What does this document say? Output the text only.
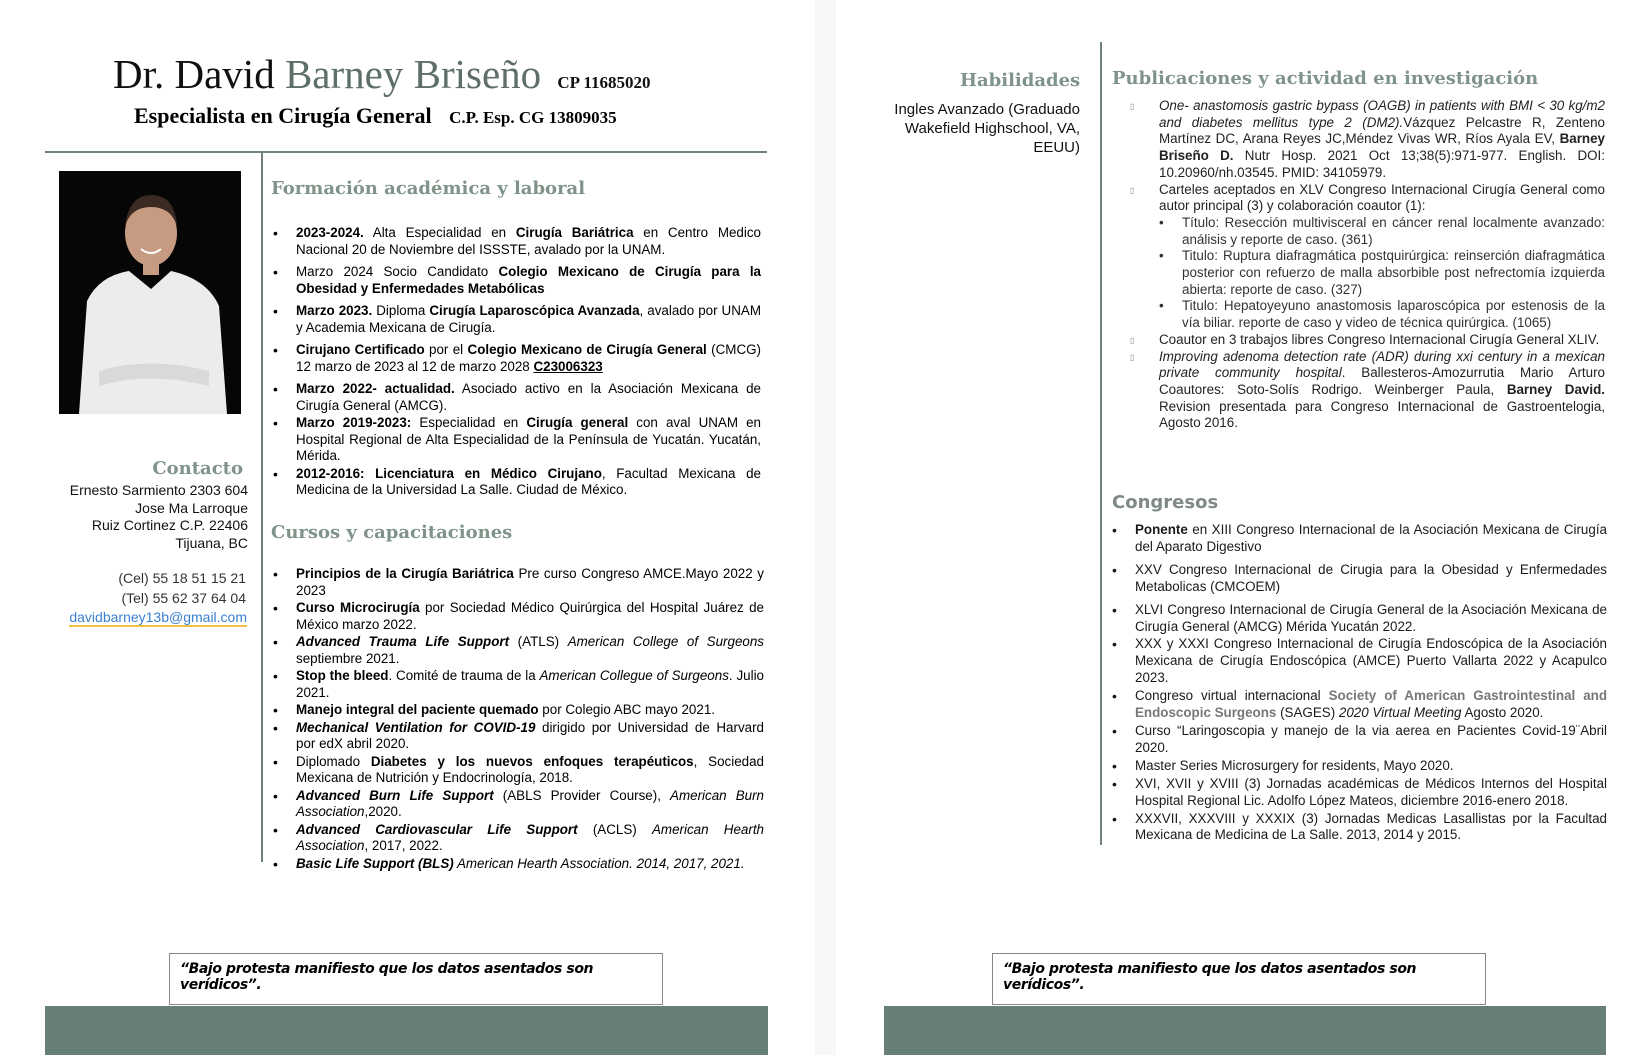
Dr. David Barney Briseño CP 11685020
Especialista en Cirugía General C.P. Esp. CG 13809035
Contacto
Ernesto Sarmiento 2303 604
Jose Ma Larroque
Ruiz Cortinez C.P. 22406
Tijuana, BC
(Cel) 55 18 51 15 21
(Tel) 55 62 37 64 04
davidbarney13b@gmail.com
Formación académica y laboral
• 2023-2024. Alta Especialidad en Cirugía Bariátrica en Centro Medico Nacional 20 de Noviembre del ISSSTE, avalado por la UNAM.
• Marzo 2024 Socio Candidato Colegio Mexicano de Cirugía para la Obesidad y Enfermedades Metabólicas
• Marzo 2023. Diploma Cirugía Laparoscópica Avanzada, avalado por UNAM y Academia Mexicana de Cirugía.
• Cirujano Certificado por el Colegio Mexicano de Cirugía General (CMCG) 12 marzo de 2023 al 12 de marzo 2028 C23006323
• Marzo 2022- actualidad. Asociado activo en la Asociación Mexicana de Cirugía General (AMCG).
• Marzo 2019-2023: Especialidad en Cirugía general con aval UNAM en Hospital Regional de Alta Especialidad de la Península de Yucatán. Yucatán, Mérida.
• 2012-2016: Licenciatura en Médico Cirujano, Facultad Mexicana de Medicina de la Universidad La Salle. Ciudad de México.
Cursos y capacitaciones
• Principios de la Cirugía Bariátrica Pre curso Congreso AMCE.Mayo 2022 y 2023
• Curso Microcirugía por Sociedad Médico Quirúrgica del Hospital Juárez de México marzo 2022.
• Advanced Trauma Life Support (ATLS) American College of Surgeons septiembre 2021.
• Stop the bleed. Comité de trauma de la American Collegue of Surgeons. Julio 2021.
• Manejo integral del paciente quemado por Colegio ABC mayo 2021.
• Mechanical Ventilation for COVID-19 dirigido por Universidad de Harvard por edX abril 2020.
• Diplomado Diabetes y los nuevos enfoques terapéuticos, Sociedad Mexicana de Nutrición y Endocrinología, 2018.
• Advanced Burn Life Support (ABLS Provider Course), American Burn Association,2020.
• Advanced Cardiovascular Life Support (ACLS) American Hearth Association, 2017, 2022.
• Basic Life Support (BLS) American Hearth Association. 2014, 2017, 2021.
“Bajo protesta manifiesto que los datos asentados son verídicos”.
Habilidades
Ingles Avanzado (Graduado Wakefield Highschool, VA, EEUU)
Publicaciones y actividad en investigación
▯ One- anastomosis gastric bypass (OAGB) in patients with BMI < 30 kg/m2 and diabetes mellitus type 2 (DM2).Vázquez Pelcastre R, Zenteno Martínez DC, Arana Reyes JC,Méndez Vivas WR, Ríos Ayala EV, Barney Briseño D. Nutr Hosp. 2021 Oct 13;38(5):971-977. English. DOI: 10.20960/nh.03545. PMID: 34105979.
▯ Carteles aceptados en XLV Congreso Internacional Cirugía General como autor principal (3) y colaboración coautor (1):
• Título: Resección multivisceral en cáncer renal localmente avanzado: análisis y reporte de caso. (361)
• Titulo: Ruptura diafragmática postquirúrgica: reinserción diafragmática posterior con refuerzo de malla absorbible post nefrectomía izquierda abierta: reporte de caso. (327)
• Titulo: Hepatoyeyuno anastomosis laparoscópica por estenosis de la vía biliar. reporte de caso y video de técnica quirúrgica. (1065)
▯ Coautor en 3 trabajos libres Congreso Internacional Cirugía General XLIV.
▯ Improving adenoma detection rate (ADR) during xxi century in a mexican private community hospital. Ballesteros-Amozurrutia Mario Arturo Coautores: Soto-Solís Rodrigo. Weinberger Paula, Barney David. Revision presentada para Congreso Internacional de Gastroentelogia, Agosto 2016.
Congresos
• Ponente en XIII Congreso Internacional de la Asociación Mexicana de Cirugía del Aparato Digestivo
• XXV Congreso Internacional de Cirugia para la Obesidad y Enfermedades Metabolicas (CMCOEM)
• XLVI Congreso Internacional de Cirugía General de la Asociación Mexicana de Cirugía General (AMCG) Mérida Yucatán 2022.
• XXX y XXXI Congreso Internacional de Cirugía Endoscópica de la Asociación Mexicana de Cirugía Endoscópica (AMCE) Puerto Vallarta 2022 y Acapulco 2023.
• Congreso virtual internacional Society of American Gastrointestinal and Endoscopic Surgeons (SAGES) 2020 Virtual Meeting Agosto 2020.
• Curso “Laringoscopia y manejo de la via aerea en Pacientes Covid-19¨Abril 2020.
• Master Series Microsurgery for residents, Mayo 2020.
• XVI, XVII y XVIII (3) Jornadas académicas de Médicos Internos del Hospital Hospital Regional Lic. Adolfo López Mateos, diciembre 2016-enero 2018.
• XXXVII, XXXVIII y XXXIX (3) Jornadas Medicas Lasallistas por la Facultad Mexicana de Medicina de La Salle. 2013, 2014 y 2015.
“Bajo protesta manifiesto que los datos asentados son verídicos”.
